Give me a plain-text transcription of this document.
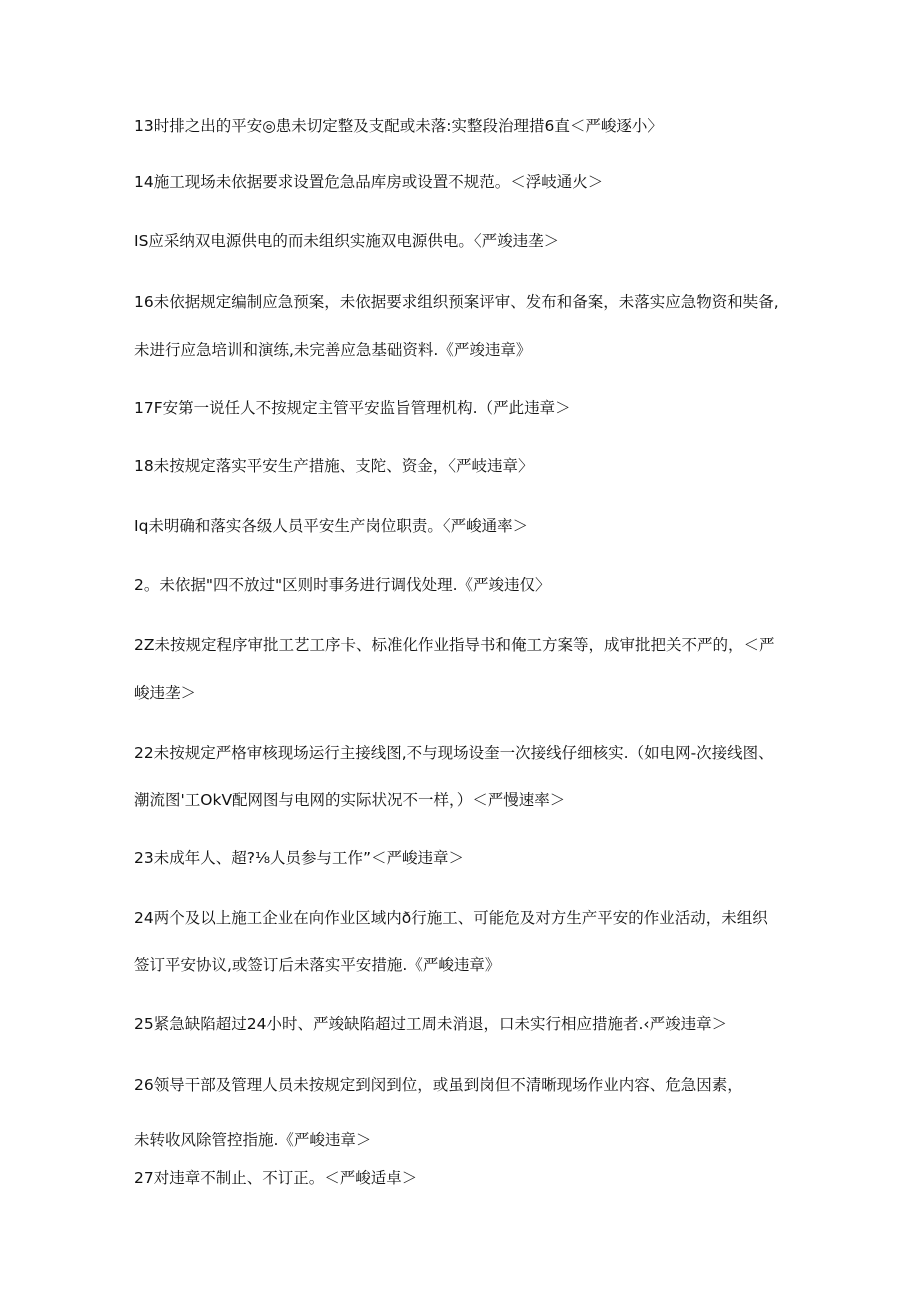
13时排之出的平安◎患未切定整及支配或未落:实整段治理措6直＜严峻逐小〉
14施工现场未依据要求设置危急品库房或设置不规范。＜浮岐通火＞
IS应采纳双电源供电的而未组织实施双电源供电。〈严竣违垄＞
16未依据规定编制应急预案，未依据要求组织预案评审、发布和备案，未落实应急物资和奘备,
未进行应急培训和演练,未完善应急基础资料.《严竣违章》
17F安第一说任人不按规定主管平安监旨管理机构.（严此违章＞
18未按规定落实平安生产措施、支陀、资金，〈严岐违章〉
Iq未明确和落实各级人员平安生产岗位职责。〈严峻通率＞
2。未依据"四不放过"区则时事务进行调伐处理.《严竣违仅〉
2Z未按规定程序审批工艺工序卡、标准化作业指导书和俺工方案等，成审批把关不严的，＜严
峻违垄＞
22未按规定严格审核现场运行主接线图,不与现场设奎一次接线仔细核实.（如电网-次接线图、
潮流图'工OkV配网图与电网的实际状况不一样，）＜严慢速率＞
23未成年人、超?⅛人员参与工作”＜严峻违章＞
24两个及以上施工企业在向作业区域内ð行施工、可能危及对方生产平安的作业活动，未组织
签订平安协议,或签订后未落实平安措施.《严峻违章》
25紧急缺陷超过24小时、严竣缺陷超过工周未消退，口未实行相应措施者.‹严竣违章＞
26领导干部及管理人员未按规定到闵到位，或虽到岗但不清晰现场作业内容、危急因素，
未转收风除管控指施.《严峻违章＞
27对违章不制止、不订正。＜严峻适卓＞
